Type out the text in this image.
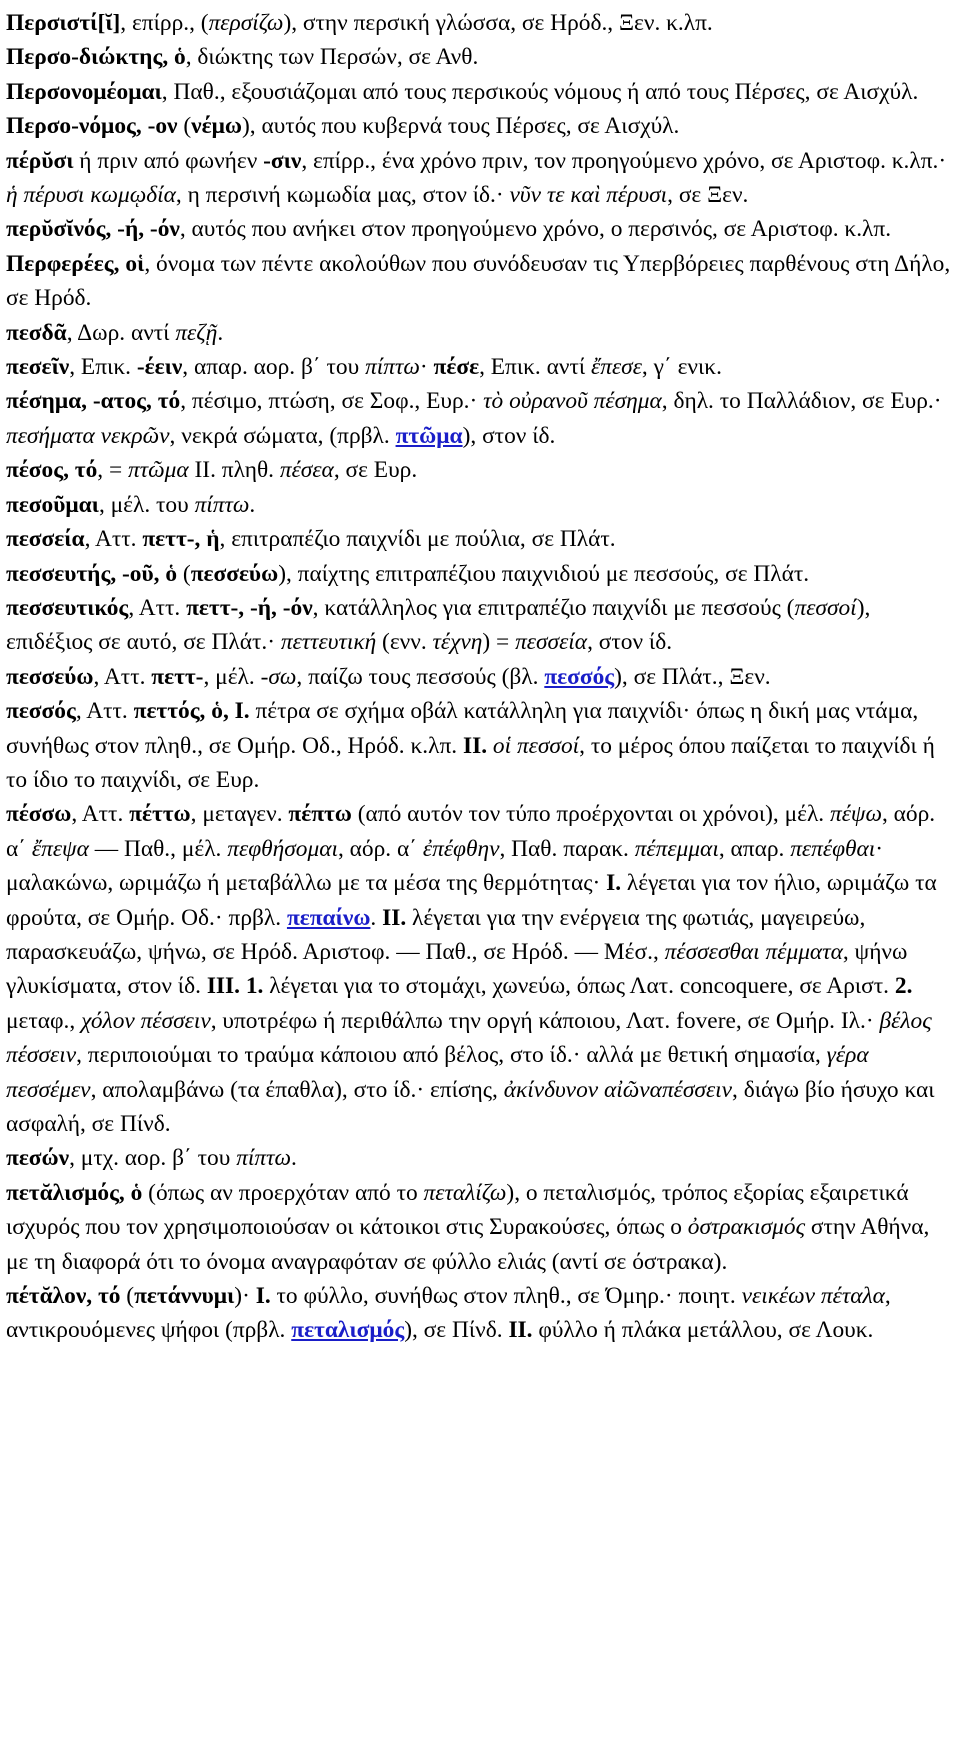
Περσιστί[ῐ], επίρρ., (περσίζω), στην περσική γλώσσα, σε Ηρόδ., Ξεν. κ.λπ.
Περσο-διώκτης, ὁ, διώκτης των Περσών, σε Ανθ.
Περσονομέομαι, Παθ., εξουσιάζομαι από τους περσικούς νόμους ή από τους Πέρσες, σε Αισχύλ.
Περσο-νόμος, -ον (νέμω), αυτός που κυβερνά τους Πέρσες, σε Αισχύλ.
πέρῠσι ή πριν από φωνήεν -σιν, επίρρ., ένα χρόνο πριν, τον προηγούμενο χρόνο, σε Αριστοφ. κ.λπ.· ἡ πέρυσι κωμῳδία, η περσινή κωμωδία μας, στον ίδ.· νῦν τε καὶ πέρυσι, σε Ξεν.
περῠσῐνός, -ή, -όν, αυτός που ανήκει στον προηγούμενο χρόνο, ο περσινός, σε Αριστοφ. κ.λπ.
Περφερέες, οἱ, όνομα των πέντε ακολούθων που συνόδευσαν τις Υπερβόρειες παρθένους στη Δήλο, σε Ηρόδ.
πεσδᾶ, Δωρ. αντί πεζῇ.
πεσεῖν, Επικ. -έειν, απαρ. αορ. β΄ του πίπτω· πέσε, Επικ. αντί ἔπεσε, γ΄ ενικ.
πέσημα, -ατος, τό, πέσιμο, πτώση, σε Σοφ., Ευρ.· τὸ οὐρανοῦ πέσημα, δηλ. το Παλλάδιον, σε Ευρ.· πεσήματα νεκρῶν, νεκρά σώματα, (πρβλ. πτῶμα), στον ίδ.
πέσος, τό, = πτῶμα II. πληθ. πέσεα, σε Ευρ.
πεσοῦμαι, μέλ. του πίπτω.
πεσσεία, Αττ. πεττ-, ἡ, επιτραπέζιο παιχνίδι με πούλια, σε Πλάτ.
πεσσευτής, -οῦ, ὁ (πεσσεύω), παίχτης επιτραπέζιου παιχνιδιού με πεσσούς, σε Πλάτ.
πεσσευτικός, Αττ. πεττ-, -ή, -όν, κατάλληλος για επιτραπέζιο παιχνίδι με πεσσούς (πεσσοί), επιδέξιος σε αυτό, σε Πλάτ.· πεττευτική (ενν. τέχνη) = πεσσεία, στον ίδ.
πεσσεύω, Αττ. πεττ-, μέλ. -σω, παίζω τους πεσσούς (βλ. πεσσός), σε Πλάτ., Ξεν.
πεσσός, Αττ. πεττός, ὁ, I. πέτρα σε σχήμα οβάλ κατάλληλη για παιχνίδι· όπως η δική μας ντάμα, συνήθως στον πληθ., σε Ομήρ. Οδ., Ηρόδ. κ.λπ. II. οἱ πεσσοί, το μέρος όπου παίζεται το παιχνίδι ή το ίδιο το παιχνίδι, σε Ευρ.
πέσσω, Αττ. πέττω, μεταγεν. πέπτω (από αυτόν τον τύπο προέρχονται οι χρόνοι), μέλ. πέψω, αόρ. α΄ ἔπεψα — Παθ., μέλ. πεφθήσομαι, αόρ. α΄ ἐπέφθην, Παθ. παρακ. πέπεμμαι, απαρ. πεπέφθαι· μαλακώνω, ωριμάζω ή μεταβάλλω με τα μέσα της θερμότητας· I. λέγεται για τον ήλιο, ωριμάζω τα φρούτα, σε Ομήρ. Οδ.· πρβλ. πεπαίνω. II. λέγεται για την ενέργεια της φωτιάς, μαγειρεύω, παρασκευάζω, ψήνω, σε Ηρόδ. Αριστοφ. — Παθ., σε Ηρόδ. — Μέσ., πέσσεσθαι πέμματα, ψήνω γλυκίσματα, στον ίδ. III. 1. λέγεται για το στομάχι, χωνεύω, όπως Λατ. concoquere, σε Αριστ. 2. μεταφ., χόλον πέσσειν, υποτρέφω ή περιθάλπω την οργή κάποιου, Λατ. fovere, σε Ομήρ. Ιλ.· βέλος πέσσειν, περιποιούμαι το τραύμα κάποιου από βέλος, στο ίδ.· αλλά με θετική σημασία, γέρα πεσσέμεν, απολαμβάνω (τα έπαθλα), στο ίδ.· επίσης, ἀκίνδυνον αἰῶναπέσσειν, διάγω βίο ήσυχο και ασφαλή, σε Πίνδ.
πεσών, μτχ. αορ. β΄ του πίπτω.
πετᾰλισμός, ὁ (όπως αν προερχόταν από το πεταλίζω), ο πεταλισμός, τρόπος εξορίας εξαιρετικά ισχυρός που τον χρησιμοποιούσαν οι κάτοικοι στις Συρακούσες, όπως ο ὀστρακισμός στην Αθήνα, με τη διαφορά ότι το όνομα αναγραφόταν σε φύλλο ελιάς (αντί σε όστρακα).
πέτᾰλον, τό (πετάννυμι)· I. το φύλλο, συνήθως στον πληθ., σε Όμηρ.· ποιητ. νεικέων πέταλα, αντικρουόμενες ψήφοι (πρβλ. πεταλισμός), σε Πίνδ. II. φύλλο ή πλάκα μετάλλου, σε Λουκ.
